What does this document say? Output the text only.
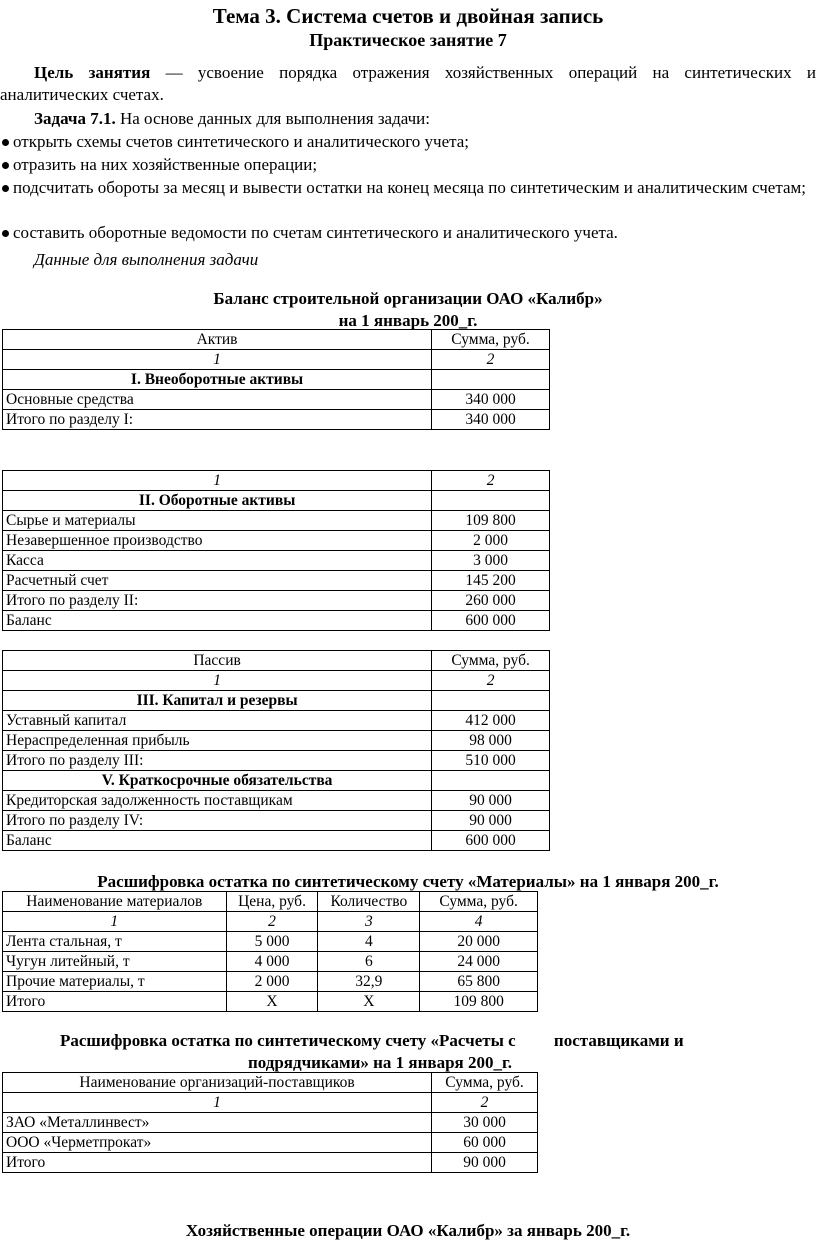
Тема 3. Система счетов и двойная запись
Практическое занятие 7
Цель занятия — усвоение порядка отражения хозяйственных операций на синтетических и аналитических счетах.
Задача 7.1. На основе данных для выполнения задачи:
открыть схемы счетов синтетического и аналитического учета;
отразить на них хозяйственные операции;
подсчитать обороты за месяц и вывести остатки на конец месяца по синтетическим и аналитическим счетам;
составить оборотные ведомости по счетам синтетического и аналитического учета.
Данные для выполнения задачи
Баланс строительной организации ОАО «Калибр»
на 1 январь 200_г.
Актив	Сумма, руб.
1	2
I. Внеоборотные активы	
Основные средства	340 000
Итого по разделу I:	340 000
1	2
II. Оборотные активы	
Сырье и материалы	109 800
Незавершенное производство	2 000
Касса	3 000
Расчетный счет	145 200
Итого по разделу II:	260 000
Баланс	600 000
Пассив	Сумма, руб.
1	2
III. Капитал и резервы	
Уставный капитал	412 000
Нераспределенная прибыль	98 000
Итого по разделу III:	510 000
V. Краткосрочные обязательства	
Кредиторская задолженность поставщикам	90 000
Итого по разделу IV:	90 000
Баланс	600 000
Расшифровка остатка по синтетическому счету «Материалы» на 1 января 200_г.
Наименование материалов	Цена, руб.	Количество	Сумма, руб.
1	2	3	4
Лента стальная, т	5 000	4	20 000
Чугун литейный, т	4 000	6	24 000
Прочие материалы, т	2 000	32,9	65 800
Итого	Х	Х	109 800
Расшифровка остатка по синтетическому счету «Расчеты с         поставщиками и
подрядчиками» на 1 января 200_г.
Наименование организаций-поставщиков	Сумма, руб.
1	2
ЗАО «Металлинвест»	30 000
ООО «Черметпрокат»	60 000
Итого	90 000
Хозяйственные операции ОАО «Калибр» за январь 200_г.
